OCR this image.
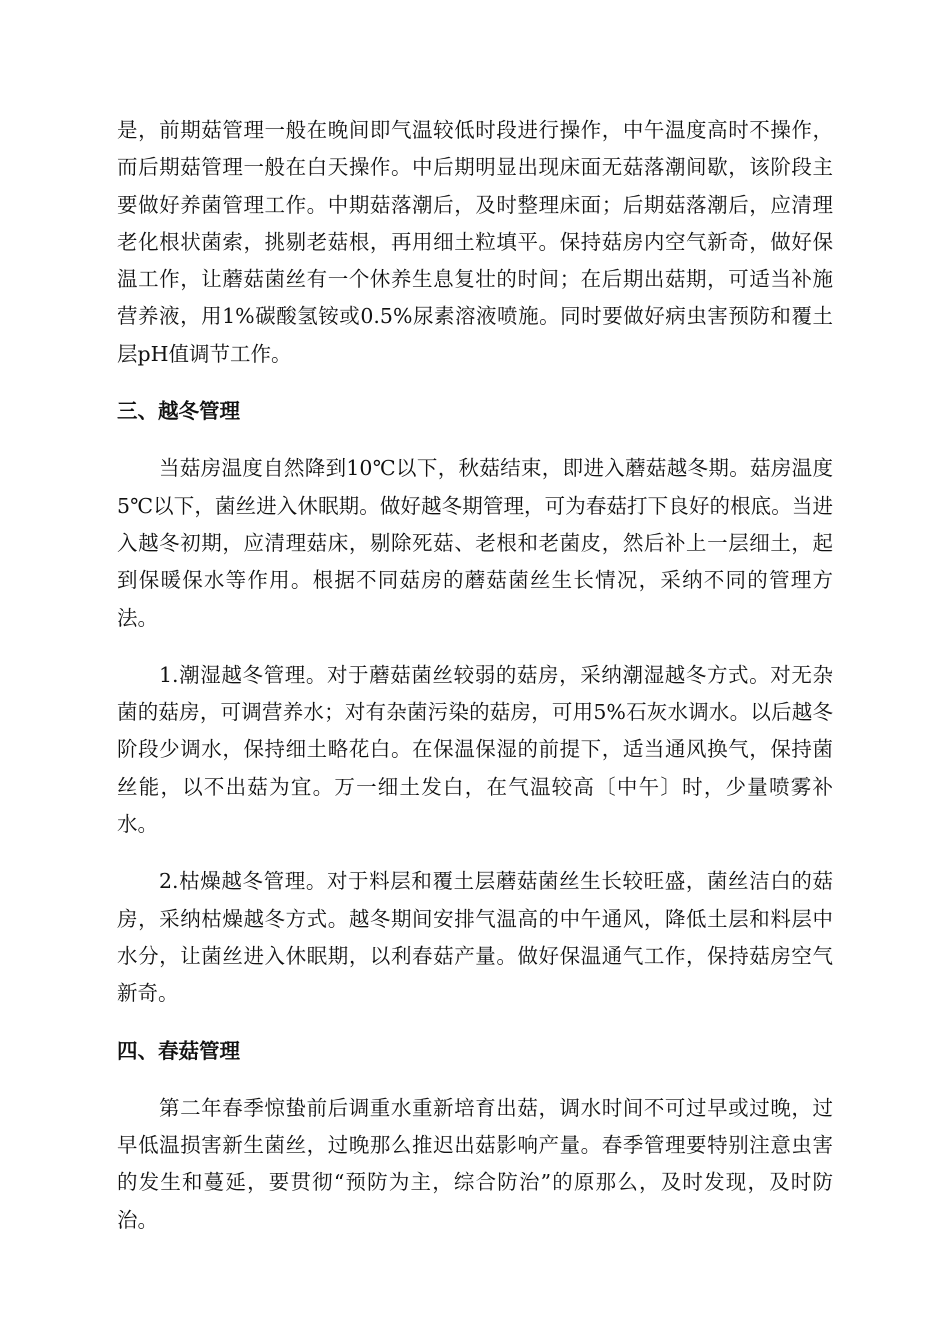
是，前期菇管理一般在晚间即气温较低时段进行操作，中午温度高时不操作，而后期菇管理一般在白天操作。中后期明显出现床面无菇落潮间歇，该阶段主要做好养菌管理工作。中期菇落潮后，及时整理床面；后期菇落潮后，应清理老化根状菌索，挑剔老菇根，再用细土粒填平。保持菇房内空气新奇，做好保温工作，让蘑菇菌丝有一个休养生息复壮的时间；在后期出菇期，可适当补施营养液，用1%碳酸氢铵或0.5%尿素溶液喷施。同时要做好病虫害预防和覆土层pH值调节工作。

三、越冬管理

当菇房温度自然降到10℃以下，秋菇结束，即进入蘑菇越冬期。菇房温度5℃以下，菌丝进入休眠期。做好越冬期管理，可为春菇打下良好的根底。当进入越冬初期，应清理菇床，剔除死菇、老根和老菌皮，然后补上一层细土，起到保暖保水等作用。根据不同菇房的蘑菇菌丝生长情况，采纳不同的管理方法。

1.潮湿越冬管理。对于蘑菇菌丝较弱的菇房，采纳潮湿越冬方式。对无杂菌的菇房，可调营养水；对有杂菌污染的菇房，可用5%石灰水调水。以后越冬阶段少调水，保持细土略花白。在保温保湿的前提下，适当通风换气，保持菌丝能，以不出菇为宜。万一细土发白，在气温较高〔中午〕时，少量喷雾补水。

2.枯燥越冬管理。对于料层和覆土层蘑菇菌丝生长较旺盛，菌丝洁白的菇房，采纳枯燥越冬方式。越冬期间安排气温高的中午通风，降低土层和料层中水分，让菌丝进入休眠期，以利春菇产量。做好保温通气工作，保持菇房空气新奇。

四、春菇管理

第二年春季惊蛰前后调重水重新培育出菇，调水时间不可过早或过晚，过早低温损害新生菌丝，过晚那么推迟出菇影响产量。春季管理要特别注意虫害的发生和蔓延，要贯彻“预防为主，综合防治”的原那么，及时发现，及时防治。
